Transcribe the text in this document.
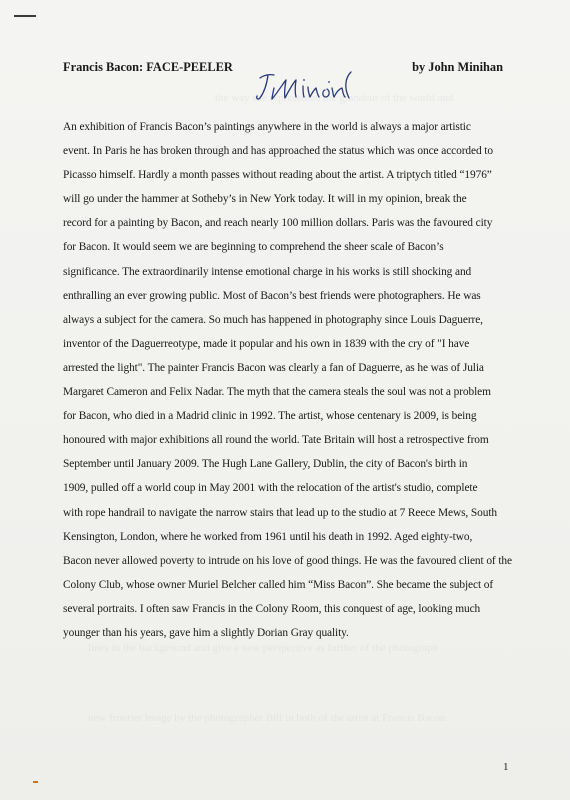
Francis Bacon: FACE-PEELER	by John Minihan
the way she represented the grandeur of the world and
lines in the background and give a new perspective as further of the photograph
new frontier image by the photographer Bill in both of the artist at Francis Bacon
An exhibition of Francis Bacon’s paintings anywhere in the world is always a major artistic
event. In Paris he has broken through and has approached the status which was once accorded to
Picasso himself. Hardly a month passes without reading about the artist. A triptych titled “1976”
will go under the hammer at Sotheby’s in New York today. It will in my opinion, break the
record for a painting by Bacon, and reach nearly 100 million dollars. Paris was the favoured city
for Bacon. It would seem we are beginning to comprehend the sheer scale of Bacon’s
significance. The extraordinarily intense emotional charge in his works is still shocking and
enthralling an ever growing public. Most of Bacon’s best friends were photographers. He was
always a subject for the camera. So much has happened in photography since Louis Daguerre,
inventor of the Daguerreotype, made it popular and his own in 1839 with the cry of "I have
arrested the light". The painter Francis Bacon was clearly a fan of Daguerre, as he was of Julia
Margaret Cameron and Felix Nadar. The myth that the camera steals the soul was not a problem
for Bacon, who died in a Madrid clinic in 1992. The artist, whose centenary is 2009, is being
honoured with major exhibitions all round the world. Tate Britain will host a retrospective from
September until January 2009. The Hugh Lane Gallery, Dublin, the city of Bacon's birth in
1909, pulled off a world coup in May 2001 with the relocation of the artist's studio, complete
with rope handrail to navigate the narrow stairs that lead up to the studio at 7 Reece Mews, South
Kensington, London, where he worked from 1961 until his death in 1992. Aged eighty-two,
Bacon never allowed poverty to intrude on his love of good things. He was the favoured client of the
Colony Club, whose owner Muriel Belcher called him “Miss Bacon”. She became the subject of
several portraits. I often saw Francis in the Colony Room, this conquest of age, looking much
younger than his years, gave him a slightly Dorian Gray quality.
1
